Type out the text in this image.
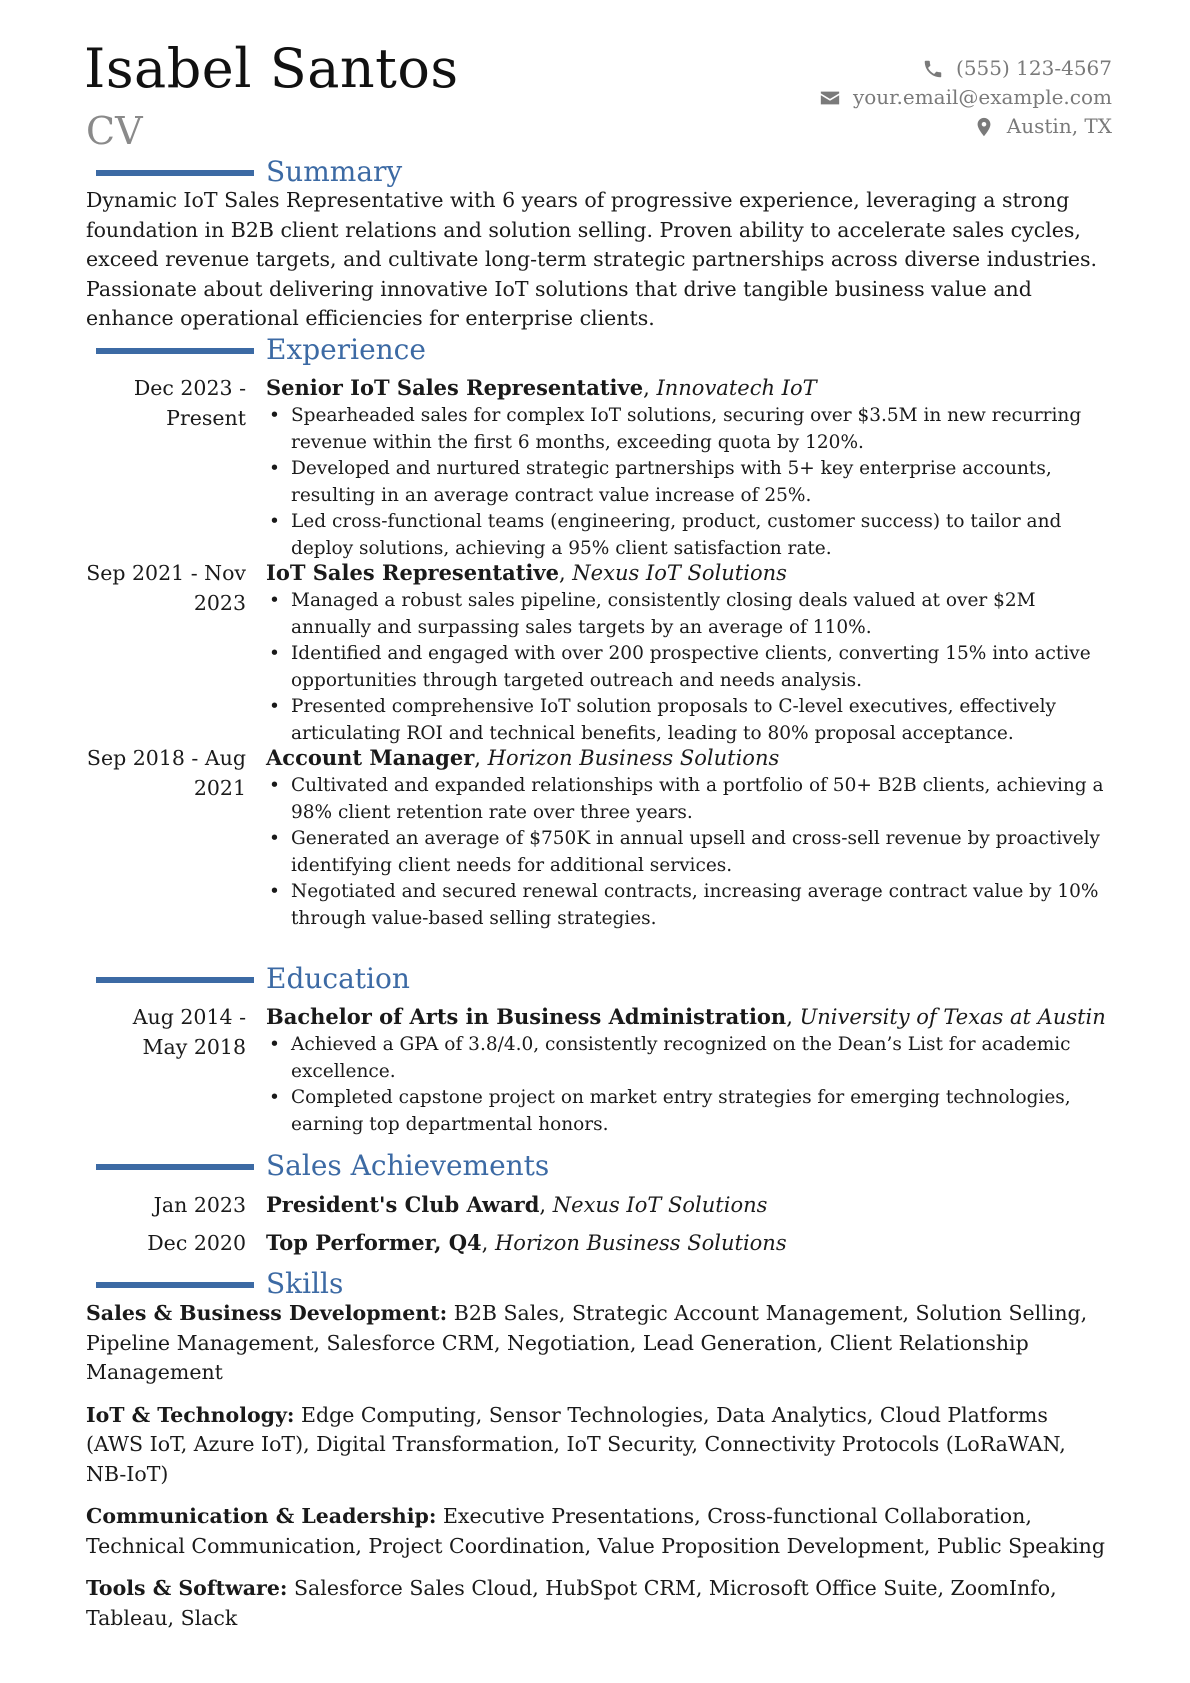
Isabel Santos
CV
(555) 123-4567
your.email@example.com
Austin, TX
Summary
Dynamic IoT Sales Representative with 6 years of progressive experience, leveraging a strong foundation in B2B client relations and solution selling. Proven ability to accelerate sales cycles, exceed revenue targets, and cultivate long-term strategic partnerships across diverse industries. Passionate about delivering innovative IoT solutions that drive tangible business value and enhance operational efficiencies for enterprise clients.
Experience
Dec 2023 -
Present
Senior IoT Sales Representative, Innovatech IoT
• Spearheaded sales for complex IoT solutions, securing over $3.5M in new recurring revenue within the first 6 months, exceeding quota by 120%.
• Developed and nurtured strategic partnerships with 5+ key enterprise accounts, resulting in an average contract value increase of 25%.
• Led cross-functional teams (engineering, product, customer success) to tailor and deploy solutions, achieving a 95% client satisfaction rate.
Sep 2021 - Nov
2023
IoT Sales Representative, Nexus IoT Solutions
• Managed a robust sales pipeline, consistently closing deals valued at over $2M annually and surpassing sales targets by an average of 110%.
• Identified and engaged with over 200 prospective clients, converting 15% into active opportunities through targeted outreach and needs analysis.
• Presented comprehensive IoT solution proposals to C-level executives, effectively articulating ROI and technical benefits, leading to 80% proposal acceptance.
Sep 2018 - Aug
2021
Account Manager, Horizon Business Solutions
• Cultivated and expanded relationships with a portfolio of 50+ B2B clients, achieving a 98% client retention rate over three years.
• Generated an average of $750K in annual upsell and cross-sell revenue by proactively identifying client needs for additional services.
• Negotiated and secured renewal contracts, increasing average contract value by 10% through value-based selling strategies.
Education
Aug 2014 -
May 2018
Bachelor of Arts in Business Administration, University of Texas at Austin
• Achieved a GPA of 3.8/4.0, consistently recognized on the Dean’s List for academic excellence.
• Completed capstone project on market entry strategies for emerging technologies, earning top departmental honors.
Sales Achievements
Jan 2023 President's Club Award, Nexus IoT Solutions
Dec 2020 Top Performer, Q4, Horizon Business Solutions
Skills
Sales & Business Development: B2B Sales, Strategic Account Management, Solution Selling, Pipeline Management, Salesforce CRM, Negotiation, Lead Generation, Client Relationship Management
IoT & Technology: Edge Computing, Sensor Technologies, Data Analytics, Cloud Platforms (AWS IoT, Azure IoT), Digital Transformation, IoT Security, Connectivity Protocols (LoRaWAN, NB-IoT)
Communication & Leadership: Executive Presentations, Cross-functional Collaboration, Technical Communication, Project Coordination, Value Proposition Development, Public Speaking
Tools & Software: Salesforce Sales Cloud, HubSpot CRM, Microsoft Office Suite, ZoomInfo, Tableau, Slack
